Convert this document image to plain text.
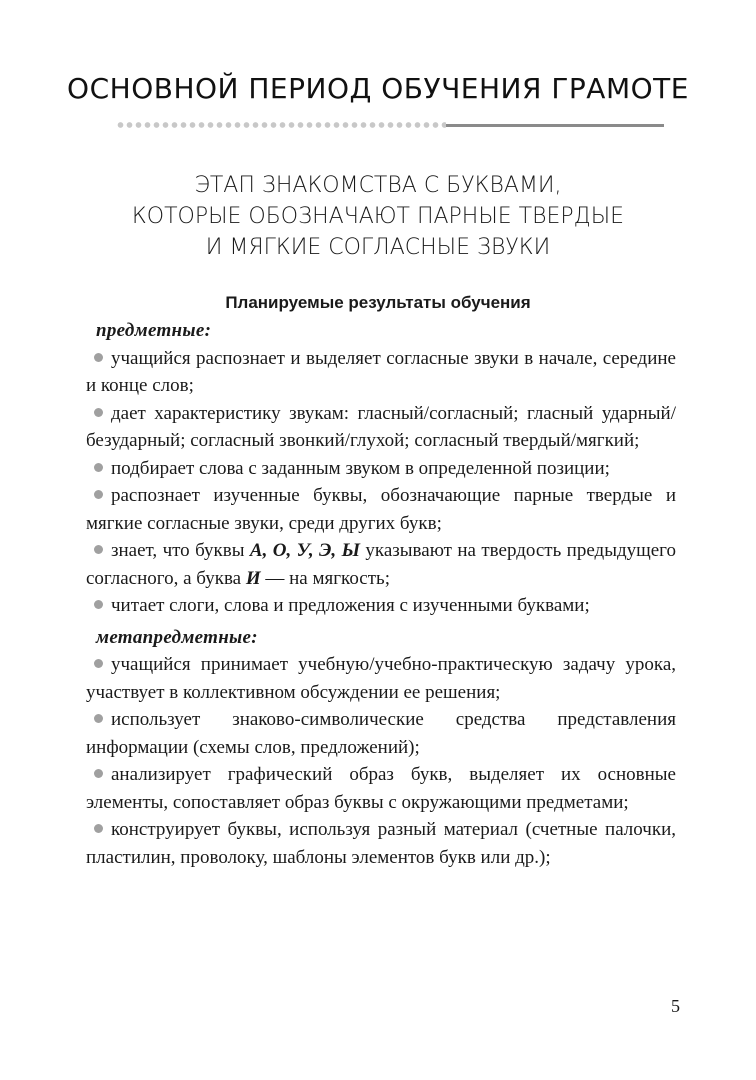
ОСНОВНОЙ ПЕРИОД ОБУЧЕНИЯ ГРАМОТЕ
ЭТАП ЗНАКОМСТВА С БУКВАМИ,
КОТОРЫЕ ОБОЗНАЧАЮТ ПАРНЫЕ ТВЕРДЫЕ
И МЯГКИЕ СОГЛАСНЫЕ ЗВУКИ
Планируемые результаты обучения
предметные:
учащийся распознает и выделяет согласные звуки в начале, середине и конце слов;
дает характеристику звукам: гласный/согласный; гласный ударный/безударный; согласный звонкий/глухой; согласный твердый/мягкий;
подбирает слова с заданным звуком в определенной позиции;
распознает изученные буквы, обозначающие парные твердые и мягкие согласные звуки, среди других букв;
знает, что буквы А, О, У, Э, Ы указывают на твердость предыдущего согласного, а буква И — на мягкость;
читает слоги, слова и предложения с изученными буквами;
метапредметные:
учащийся принимает учебную/учебно-практическую задачу урока, участвует в коллективном обсуждении ее решения;
использует знаково-символические средства представления информации (схемы слов, предложений);
анализирует графический образ букв, выделяет их основные элементы, сопоставляет образ буквы с окружающими предметами;
конструирует буквы, используя разный материал (счетные палочки, пластилин, проволоку, шаблоны элементов букв или др.);
5
